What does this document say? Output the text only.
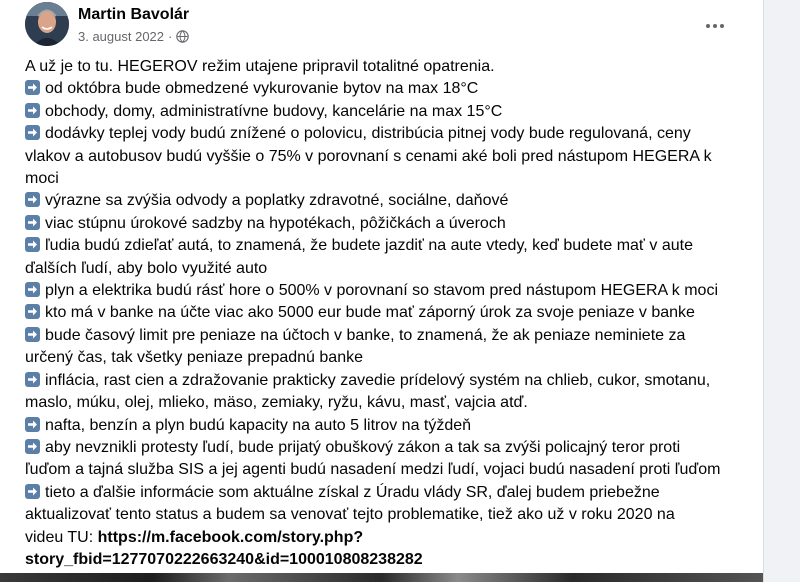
Martin Bavolár
3. august 2022 ·
A už je to tu. HEGEROV režim utajene pripravil totalitné opatrenia.
od októbra bude obmedzené vykurovanie bytov na max 18°C
obchody, domy, administratívne budovy, kancelárie na max 15°C
dodávky teplej vody budú znížené o polovicu, distribúcia pitnej vody bude regulovaná, ceny
vlakov a autobusov budú vyššie o 75% v porovnaní s cenami aké boli pred nástupom HEGERA k
moci
výrazne sa zvýšia odvody a poplatky zdravotné, sociálne, daňové
viac stúpnu úrokové sadzby na hypotékach, pôžičkách a úveroch
ľudia budú zdieľať autá, to znamená, že budete jazdiť na aute vtedy, keď budete mať v aute
ďalších ľudí, aby bolo využité auto
plyn a elektrika budú rásť hore o 500% v porovnaní so stavom pred nástupom HEGERA k moci
kto má v banke na účte viac ako 5000 eur bude mať záporný úrok za svoje peniaze v banke
bude časový limit pre peniaze na účtoch v banke, to znamená, že ak peniaze neminiete za
určený čas, tak všetky peniaze prepadnú banke
inflácia, rast cien a zdražovanie prakticky zavedie prídelový systém na chlieb, cukor, smotanu,
maslo, múku, olej, mlieko, mäso, zemiaky, ryžu, kávu, masť, vajcia atď.
nafta, benzín a plyn budú kapacity na auto 5 litrov na týždeň
aby nevznikli protesty ľudí, bude prijatý obuškový zákon a tak sa zvýši policajný teror proti
ľuďom a tajná služba SIS a jej agenti budú nasadení medzi ľudí, vojaci budú nasadení proti ľuďom
tieto a ďalšie informácie som aktuálne získal z Úradu vlády SR, ďalej budem priebežne
aktualizovať tento status a budem sa venovať tejto problematike, tiež ako už v roku 2020 na
videu TU: https://m.facebook.com/story.php?
story_fbid=1277070222663240&id=100010808238282
